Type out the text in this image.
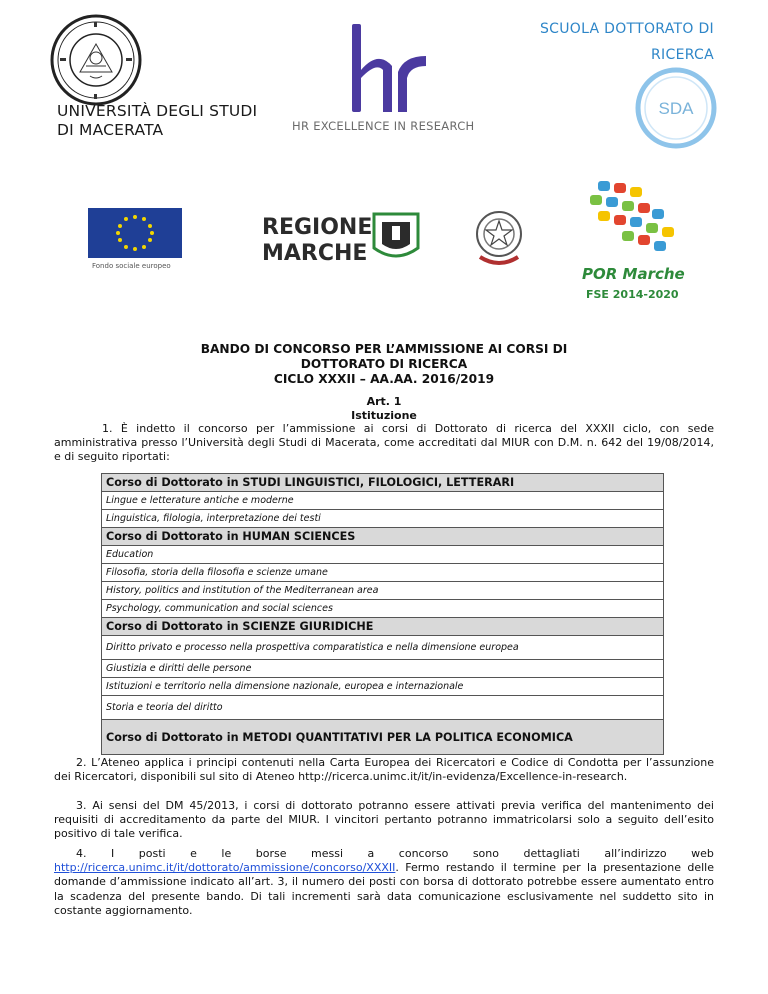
UNIVERSITÀ DEGLI STUDI
DI MACERATA	HR EXCELLENCE IN RESEARCH
SCUOLA DOTTORATO DI
RICERCA
SDA
Fondo sociale europeo
REGIONE
MARCHE
POR Marche
FSE 2014-2020
BANDO DI CONCORSO PER L’AMMISSIONE AI CORSI DI
DOTTORATO DI RICERCA
CICLO XXXII – AA.AA. 2016/2019
Art. 1
Istituzione
1. È indetto il concorso per l’ammissione ai corsi di Dottorato di ricerca del XXXII ciclo, con sede amministrativa presso l’Università degli Studi di Macerata, come accreditati dal MIUR con D.M. n. 642 del 19/08/2014, e di seguito riportati:
Corso di Dottorato in STUDI LINGUISTICI, FILOLOGICI, LETTERARI
Lingue e letterature antiche e moderne
Linguistica, filologia, interpretazione dei testi
Corso di Dottorato in HUMAN SCIENCES
Education
Filosofia, storia della filosofia e scienze umane
History, politics and institution of the Mediterranean area
Psychology, communication and social sciences
Corso di Dottorato in SCIENZE GIURIDICHE
Diritto privato e processo nella prospettiva comparatistica e nella dimensione europea
Giustizia e diritti delle persone
Istituzioni e territorio nella dimensione nazionale, europea e internazionale
Storia e teoria del diritto
Corso di Dottorato in METODI QUANTITATIVI PER LA POLITICA ECONOMICA
2. L’Ateneo applica i principi contenuti nella Carta Europea dei Ricercatori e Codice di Condotta per l’assunzione dei Ricercatori, disponibili sul sito di Ateneo http://ricerca.unimc.it/it/in-evidenza/Excellence-in-research.
3. Ai sensi del DM 45/2013, i corsi di dottorato potranno essere attivati previa verifica del mantenimento dei requisiti di accreditamento da parte del MIUR. I vincitori pertanto potranno immatricolarsi solo a seguito dell’esito positivo di tale verifica.
4. I posti e le borse messi a concorso sono dettagliati all’indirizzo web
http://ricerca.unimc.it/it/dottorato/ammissione/concorso/XXXII. Fermo restando il termine per la presentazione delle domande d’ammissione indicato all’art. 3, il numero dei posti con borsa di dottorato potrebbe essere aumentato entro la scadenza del presente bando. Di tali incrementi sarà data comunicazione esclusivamente nel suddetto sito in costante aggiornamento.
